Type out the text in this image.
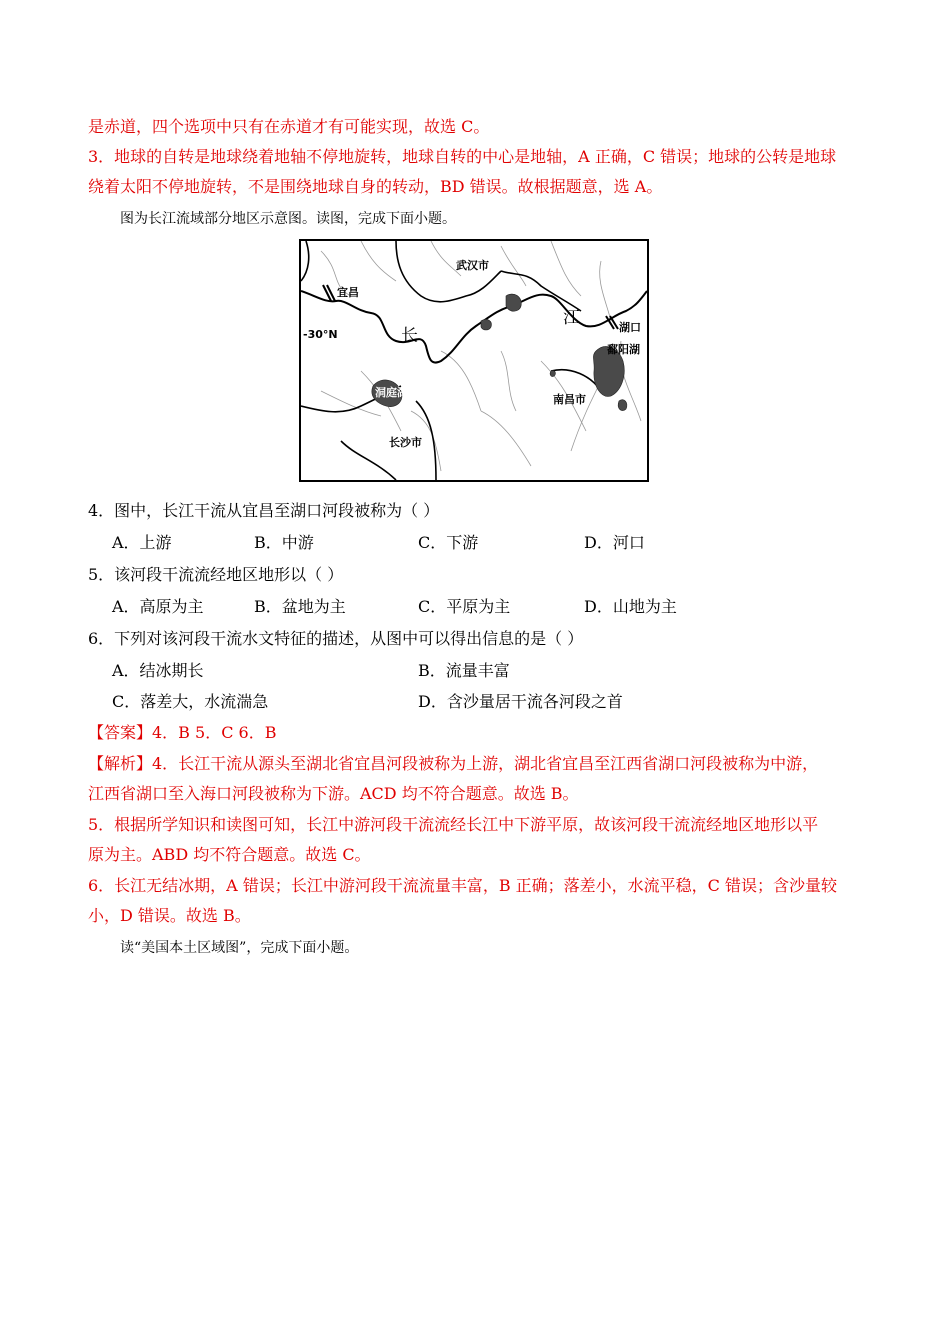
是赤道，四个选项中只有在赤道才有可能实现，故选 C。
3．地球的自转是地球绕着地轴不停地旋转，地球自转的中心是地轴，A 正确，C 错误；地球的公转是地球
绕着太阳不停地旋转，不是围绕地球自身的转动，BD 错误。故根据题意，选 A。
图为长江流域部分地区示意图。读图，完成下面小题。
宜昌
武汉市
-30°N	长
江	湖口
鄱阳湖
洞庭湖
南昌市
长沙市
4．图中，长江干流从宜昌至湖口河段被称为（ ）
A．上游	B．中游	C．下游	D．河口
5．该河段干流流经地区地形以（ ）
A．高原为主	B．盆地为主	C．平原为主	D．山地为主
6．下列对该河段干流水文特征的描述，从图中可以得出信息的是（ ）
A．结冰期长	B．流量丰富
C．落差大，水流湍急	D．含沙量居干流各河段之首
【答案】4．B 5．C 6．B
【解析】4．长江干流从源头至湖北省宜昌河段被称为上游，湖北省宜昌至江西省湖口河段被称为中游，
江西省湖口至入海口河段被称为下游。ACD 均不符合题意。故选 B。
5．根据所学知识和读图可知，长江中游河段干流流经长江中下游平原，故该河段干流流经地区地形以平
原为主。ABD 均不符合题意。故选 C。
6．长江无结冰期，A 错误；长江中游河段干流流量丰富，B 正确；落差小，水流平稳，C 错误；含沙量较
小，D 错误。故选 B。
读“美国本土区域图”，完成下面小题。
